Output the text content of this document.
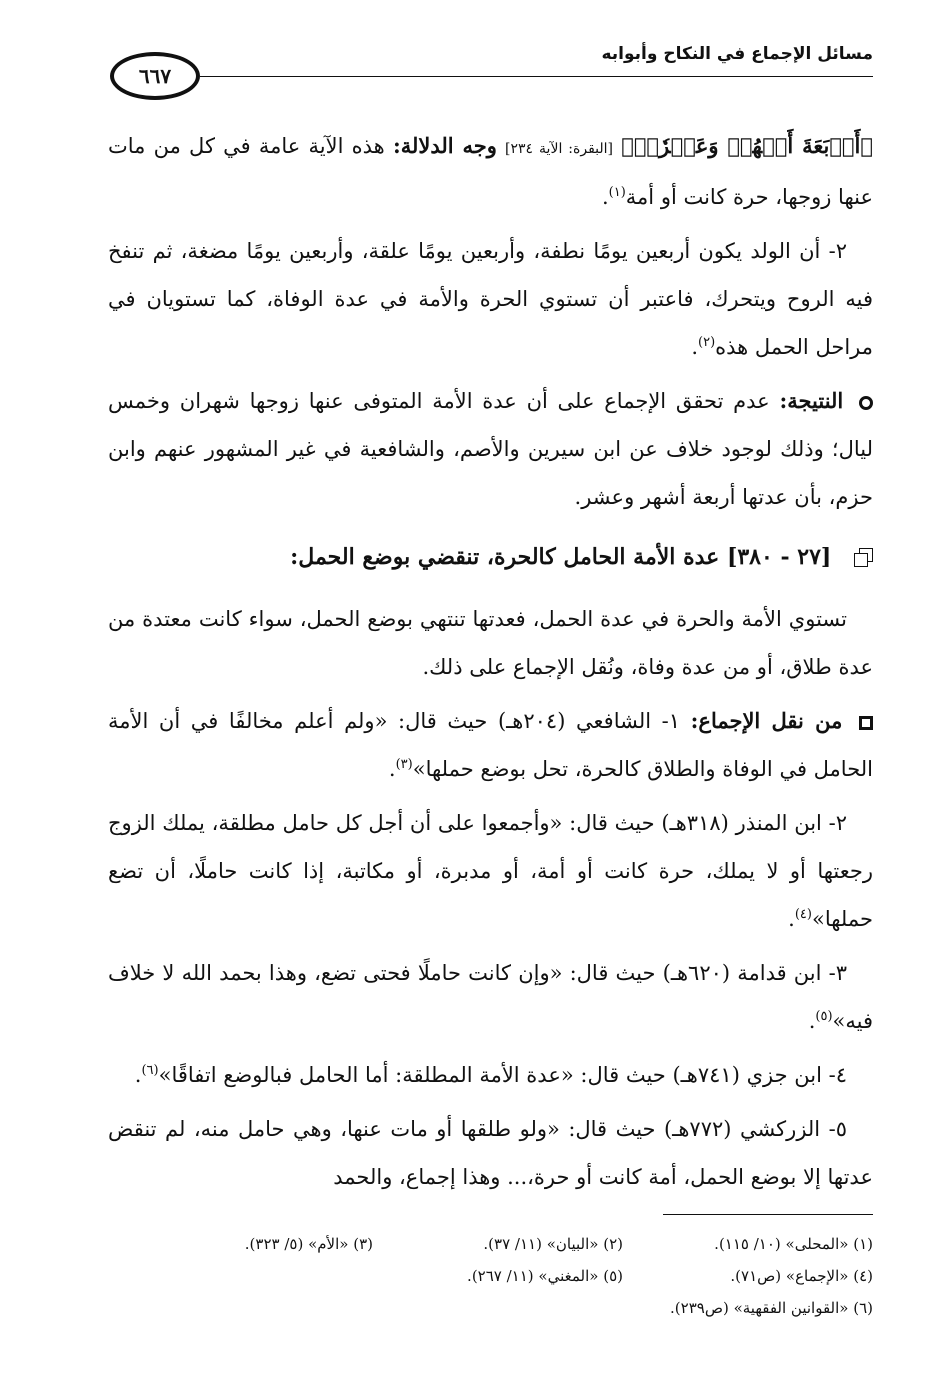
مسائل الإجماع في النكاح وأبوابه
٦٦٧

﴿أَرۡبَعَةَ أَشۡهُرٖ وَعَشۡرٗاۖ﴾ [البقرة: الآية ٢٣٤] وجه الدلالة: هذه الآية عامة في كل من مات عنها زوجها، حرة كانت أو أمة$^{(١)}$.

٢- أن الولد يكون أربعين يومًا نطفة، وأربعين يومًا علقة، وأربعين يومًا مضغة، ثم تنفخ فيه الروح ويتحرك، فاعتبر أن تستوي الحرة والأمة في عدة الوفاة، كما تستويان في مراحل الحمل هذه$^{(٢)}$.

النتيجة: عدم تحقق الإجماع على أن عدة الأمة المتوفى عنها زوجها شهران وخمس ليال؛ وذلك لوجود خلاف عن ابن سيرين والأصم، والشافعية في غير المشهور عنهم وابن حزم، بأن عدتها أربعة أشهر وعشر.

[٢٧ - ٣٨٠] عدة الأمة الحامل كالحرة، تنقضي بوضع الحمل:

تستوي الأمة والحرة في عدة الحمل، فعدتها تنتهي بوضع الحمل، سواء كانت معتدة من عدة طلاق، أو من عدة وفاة، ونُقل الإجماع على ذلك.

من نقل الإجماع: ١- الشافعي (٢٠٤هـ) حيث قال: «ولم أعلم مخالفًا في أن الأمة الحامل في الوفاة والطلاق كالحرة، تحل بوضع حملها»$^{(٣)}$.

٢- ابن المنذر (٣١٨هـ) حيث قال: «وأجمعوا على أن أجل كل حامل مطلقة، يملك الزوج رجعتها أو لا يملك، حرة كانت أو أمة، أو مدبرة، أو مكاتبة، إذا كانت حاملًا، أن تضع حملها»$^{(٤)}$.

٣- ابن قدامة (٦٢٠هـ) حيث قال: «وإن كانت حاملًا فحتى تضع، وهذا بحمد الله لا خلاف فيه»$^{(٥)}$.

٤- ابن جزي (٧٤١هـ) حيث قال: «عدة الأمة المطلقة: أما الحامل فبالوضع اتفاقًا»$^{(٦)}$.

٥- الزركشي (٧٧٢هـ) حيث قال: «ولو طلقها أو مات عنها، وهي حامل منه، لم تنقض عدتها إلا بوضع الحمل، أمة كانت أو حرة،... وهذا إجماع، والحمد

(١) «المحلى» (١٠/ ١١٥).
(٢) «البيان» (١١/ ٣٧).
(٣) «الأم» (٥/ ٣٢٣).
(٤) «الإجماع» (ص٧١).
(٥) «المغني» (١١/ ٢٦٧).
(٦) «القوانين الفقهية» (ص٢٣٩).
